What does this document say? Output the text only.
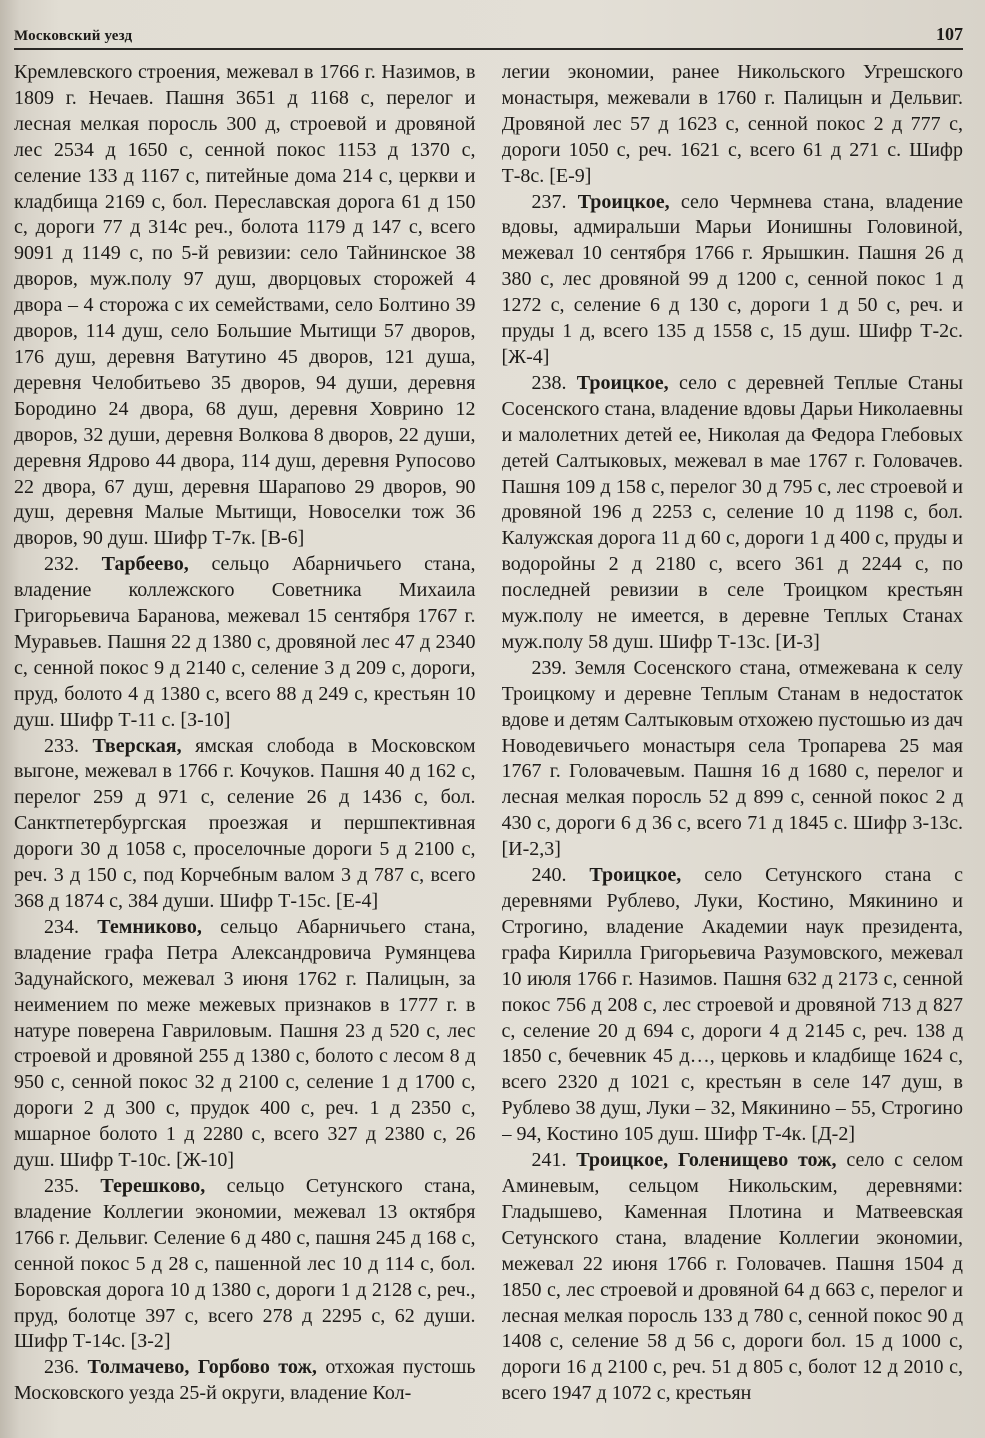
Московский уезд	107

Кремлевского строения, межевал в 1766 г. Назимов, в 1809 г. Нечаев. Пашня 3651 д 1168 с, перелог и лесная мелкая поросль 300 д, строевой и дровяной лес 2534 д 1650 с, сенной покос 1153 д 1370 с, селение 133 д 1167 с, питейные дома 214 с, церкви и кладбища 2169 с, бол. Переславская дорога 61 д 150 с, дороги 77 д 314с реч., болота 1179 д 147 с, всего 9091 д 1149 с, по 5-й ревизии: село Тайнинское 38 дворов, муж.полу 97 душ, дворцовых сторожей 4 двора – 4 сторожа с их семействами, село Болтино 39 дворов, 114 душ, село Большие Мытищи 57 дворов, 176 душ, деревня Ватутино 45 дворов, 121 душа, деревня Челобитьево 35 дворов, 94 души, деревня Бородино 24 двора, 68 душ, деревня Ховрино 12 дворов, 32 души, деревня Волкова 8 дворов, 22 души, деревня Ядрово 44 двора, 114 душ, деревня Рупосово 22 двора, 67 душ, деревня Шарапово 29 дворов, 90 душ, деревня Малые Мытищи, Новоселки тож 36 дворов, 90 душ. Шифр Т-7к. [В-6]

232. Тарбеево, сельцо Абарничьего стана, владение коллежского Советника Михаила Григорьевича Баранова, межевал 15 сентября 1767 г. Муравьев. Пашня 22 д 1380 с, дровяной лес 47 д 2340 с, сенной покос 9 д 2140 с, селение 3 д 209 с, дороги, пруд, болото 4 д 1380 с, всего 88 д 249 с, крестьян 10 душ. Шифр Т-11 с. [З-10]

233. Тверская, ямская слобода в Московском выгоне, межевал в 1766 г. Кочуков. Пашня 40 д 162 с, перелог 259 д 971 с, селение 26 д 1436 с, бол. Санктпетербургская проезжая и першпективная дороги 30 д 1058 с, проселочные дороги 5 д 2100 с, реч. 3 д 150 с, под Корчебным валом 3 д 787 с, всего 368 д 1874 с, 384 души. Шифр Т-15с. [Е-4]

234. Темниково, сельцо Абарничьего стана, владение графа Петра Александровича Румянцева Задунайского, межевал 3 июня 1762 г. Палицын, за неимением по меже межевых признаков в 1777 г. в натуре поверена Гавриловым. Пашня 23 д 520 с, лес строевой и дровяной 255 д 1380 с, болото с лесом 8 д 950 с, сенной покос 32 д 2100 с, селение 1 д 1700 с, дороги 2 д 300 с, прудок 400 с, реч. 1 д 2350 с, мшарное болото 1 д 2280 с, всего 327 д 2380 с, 26 душ. Шифр Т-10с. [Ж-10]

235. Терешково, сельцо Сетунского стана, владение Коллегии экономии, межевал 13 октября 1766 г. Дельвиг. Селение 6 д 480 с, пашня 245 д 168 с, сенной покос 5 д 28 с, пашенной лес 10 д 114 с, бол. Боровская дорога 10 д 1380 с, дороги 1 д 2128 с, реч., пруд, болотце 397 с, всего 278 д 2295 с, 62 души. Шифр Т-14с. [З-2]

236. Толмачево, Горбово тож, отхожая пустошь Московского уезда 25-й округи, владение Кол-

легии экономии, ранее Никольского Угрешского монастыря, межевали в 1760 г. Палицын и Дельвиг. Дровяной лес 57 д 1623 с, сенной покос 2 д 777 с, дороги 1050 с, реч. 1621 с, всего 61 д 271 с. Шифр Т-8с. [Е-9]

237. Троицкое, село Чермнева стана, владение вдовы, адмиральши Марьи Ионишны Головиной, межевал 10 сентября 1766 г. Ярышкин. Пашня 26 д 380 с, лес дровяной 99 д 1200 с, сенной покос 1 д 1272 с, селение 6 д 130 с, дороги 1 д 50 с, реч. и пруды 1 д, всего 135 д 1558 с, 15 душ. Шифр Т-2с. [Ж-4]

238. Троицкое, село с деревней Теплые Станы Сосенского стана, владение вдовы Дарьи Николаевны и малолетних детей ее, Николая да Федора Глебовых детей Салтыковых, межевал в мае 1767 г. Головачев. Пашня 109 д 158 с, перелог 30 д 795 с, лес строевой и дровяной 196 д 2253 с, селение 10 д 1198 с, бол. Калужская дорога 11 д 60 с, дороги 1 д 400 с, пруды и водоройны 2 д 2180 с, всего 361 д 2244 с, по последней ревизии в селе Троицком крестьян муж.полу не имеется, в деревне Теплых Станах муж.полу 58 душ. Шифр Т-13с. [И-3]

239. Земля Сосенского стана, отмежевана к селу Троицкому и деревне Теплым Станам в недостаток вдове и детям Салтыковым отхожею пустошью из дач Новодевичьего монастыря села Тропарева 25 мая 1767 г. Головачевым. Пашня 16 д 1680 с, перелог и лесная мелкая поросль 52 д 899 с, сенной покос 2 д 430 с, дороги 6 д 36 с, всего 71 д 1845 с. Шифр 3-13с. [И-2,3]

240. Троицкое, село Сетунского стана с деревнями Рублево, Луки, Костино, Мякинино и Строгино, владение Академии наук президента, графа Кирилла Григорьевича Разумовского, межевал 10 июля 1766 г. Назимов. Пашня 632 д 2173 с, сенной покос 756 д 208 с, лес строевой и дровяной 713 д 827 с, селение 20 д 694 с, дороги 4 д 2145 с, реч. 138 д 1850 с, бечевник 45 д…, церковь и кладбище 1624 с, всего 2320 д 1021 с, крестьян в селе 147 душ, в Рублево 38 душ, Луки – 32, Мякинино – 55, Строгино – 94, Костино 105 душ. Шифр Т-4к. [Д-2]

241. Троицкое, Голенищево тож, село с селом Аминевым, сельцом Никольским, деревнями: Гладышево, Каменная Плотина и Матвеевская Сетунского стана, владение Коллегии экономии, межевал 22 июня 1766 г. Головачев. Пашня 1504 д 1850 с, лес строевой и дровяной 64 д 663 с, перелог и лесная мелкая поросль 133 д 780 с, сенной покос 90 д 1408 с, селение 58 д 56 с, дороги бол. 15 д 1000 с, дороги 16 д 2100 с, реч. 51 д 805 с, болот 12 д 2010 с, всего 1947 д 1072 с, крестьян
